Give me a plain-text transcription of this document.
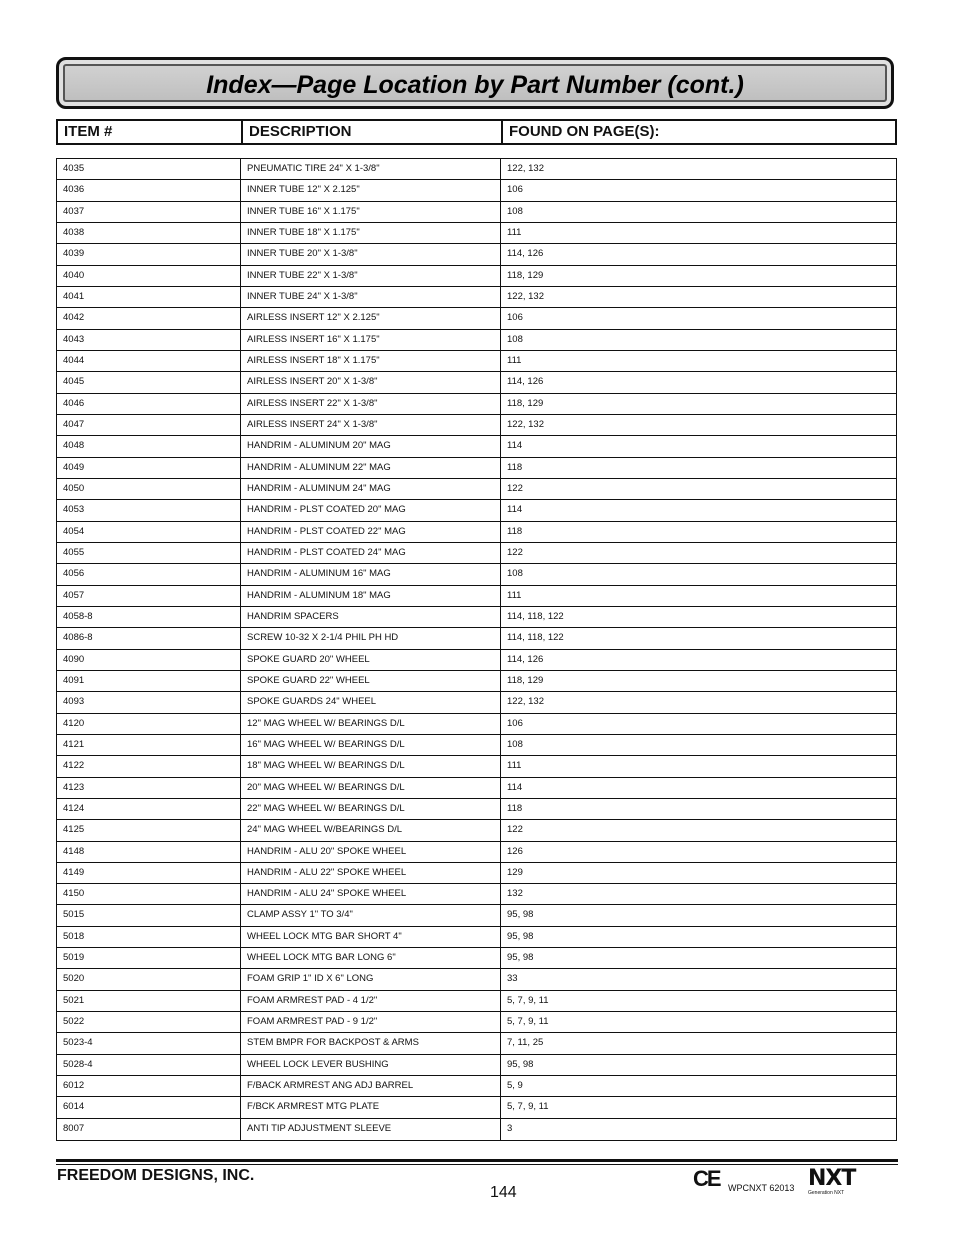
Index—Page Location by Part Number (cont.)
ITEM #	DESCRIPTION	FOUND ON PAGE(S):
4035	PNEUMATIC TIRE 24" X 1-3/8"	122, 132
4036	INNER TUBE 12" X 2.125"	106
4037	INNER TUBE 16" X 1.175"	108
4038	INNER TUBE 18" X 1.175"	111
4039	INNER TUBE 20" X 1-3/8"	114, 126
4040	INNER TUBE 22" X 1-3/8"	118, 129
4041	INNER TUBE 24" X 1-3/8"	122, 132
4042	AIRLESS INSERT 12" X 2.125"	106
4043	AIRLESS INSERT 16" X 1.175"	108
4044	AIRLESS INSERT 18" X 1.175"	111
4045	AIRLESS INSERT 20" X 1-3/8"	114, 126
4046	AIRLESS INSERT 22" X 1-3/8"	118, 129
4047	AIRLESS INSERT 24" X 1-3/8"	122, 132
4048	HANDRIM - ALUMINUM 20" MAG	114
4049	HANDRIM - ALUMINUM 22" MAG	118
4050	HANDRIM - ALUMINUM 24" MAG	122
4053	HANDRIM - PLST COATED 20" MAG	114
4054	HANDRIM - PLST COATED 22" MAG	118
4055	HANDRIM - PLST COATED 24" MAG	122
4056	HANDRIM - ALUMINUM 16" MAG	108
4057	HANDRIM - ALUMINUM 18" MAG	111
4058-8	HANDRIM SPACERS	114, 118, 122
4086-8	SCREW 10-32 X 2-1/4 PHIL PH HD	114, 118, 122
4090	SPOKE GUARD 20" WHEEL	114, 126
4091	SPOKE GUARD 22" WHEEL	118, 129
4093	SPOKE GUARDS 24" WHEEL	122, 132
4120	12" MAG WHEEL W/ BEARINGS D/L	106
4121	16" MAG WHEEL W/ BEARINGS D/L	108
4122	18" MAG WHEEL W/ BEARINGS D/L	111
4123	20" MAG WHEEL W/ BEARINGS D/L	114
4124	22" MAG WHEEL W/ BEARINGS D/L	118
4125	24" MAG WHEEL W/BEARINGS D/L	122
4148	HANDRIM - ALU 20" SPOKE WHEEL	126
4149	HANDRIM - ALU 22" SPOKE WHEEL	129
4150	HANDRIM - ALU 24" SPOKE WHEEL	132
5015	CLAMP ASSY 1" TO 3/4"	95, 98
5018	WHEEL LOCK MTG BAR SHORT 4"	95, 98
5019	WHEEL LOCK MTG BAR LONG 6"	95, 98
5020	FOAM GRIP 1" ID X 6" LONG	33
5021	FOAM ARMREST PAD - 4 1/2"	5, 7, 9, 11
5022	FOAM ARMREST PAD - 9 1/2"	5, 7, 9, 11
5023-4	STEM BMPR FOR BACKPOST & ARMS	7, 11, 25
5028-4	WHEEL LOCK LEVER BUSHING	95, 98
6012	F/BACK ARMREST ANG ADJ BARREL	5, 9
6014	F/BCK ARMREST MTG PLATE	5, 7, 9, 11
8007	ANTI TIP ADJUSTMENT SLEEVE	3
FREEDOM DESIGNS, INC.
144
CE WPCNXT 62013 NXT
Generation NXT
